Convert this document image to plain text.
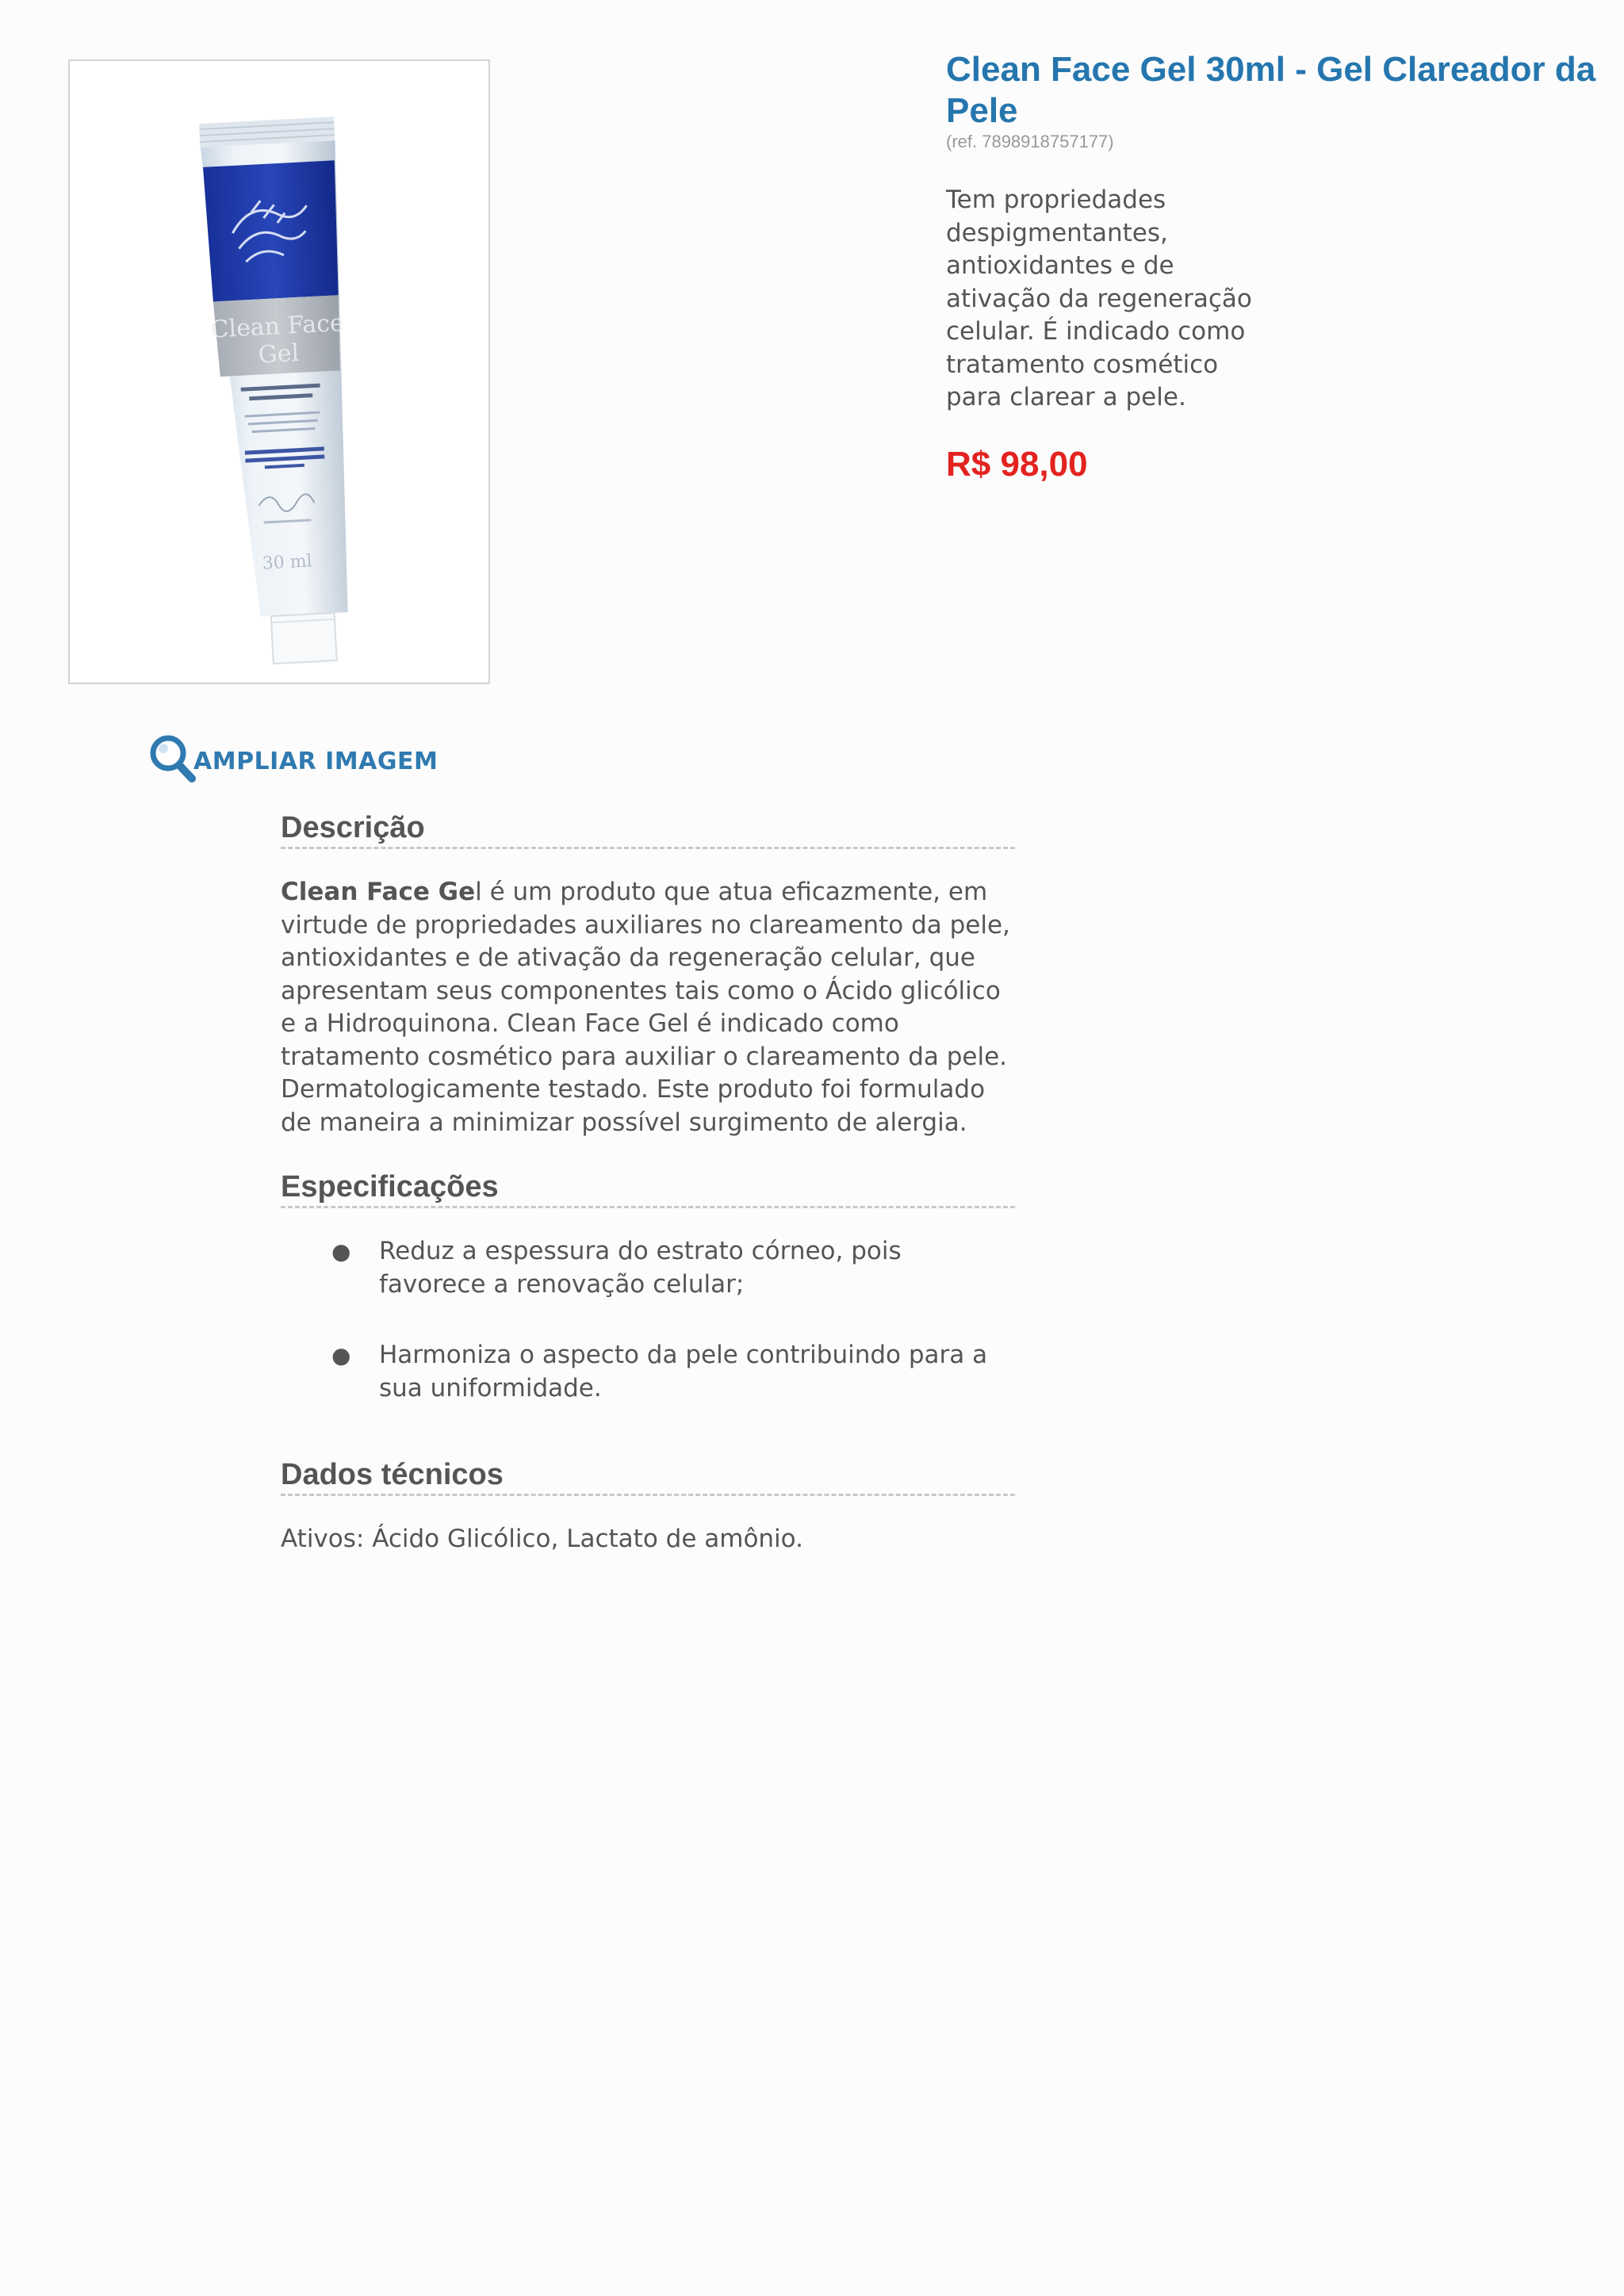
Clean Face
Gel
30 ml
AMPLIAR IMAGEM
Clean Face Gel 30ml - Gel Clareador da Pele
(ref. 7898918757177)
Tem propriedades despigmentantes, antioxidantes e de ativação da regeneração celular. É indicado como tratamento cosmético para clarear a pele.
R$ 98,00
Descrição
Clean Face Gel é um produto que atua eficazmente, em virtude de propriedades auxiliares no clareamento da pele, antioxidantes e de ativação da regeneração celular, que apresentam seus componentes tais como o Ácido glicólico e a Hidroquinona. Clean Face Gel é indicado como tratamento cosmético para auxiliar o clareamento da pele. Dermatologicamente testado. Este produto foi formulado de maneira a minimizar possível surgimento de alergia.
Especificações
● Reduz a espessura do estrato córneo, pois favorece a renovação celular;
● Harmoniza o aspecto da pele contribuindo para a sua uniformidade.
Dados técnicos
Ativos: Ácido Glicólico, Lactato de amônio.
